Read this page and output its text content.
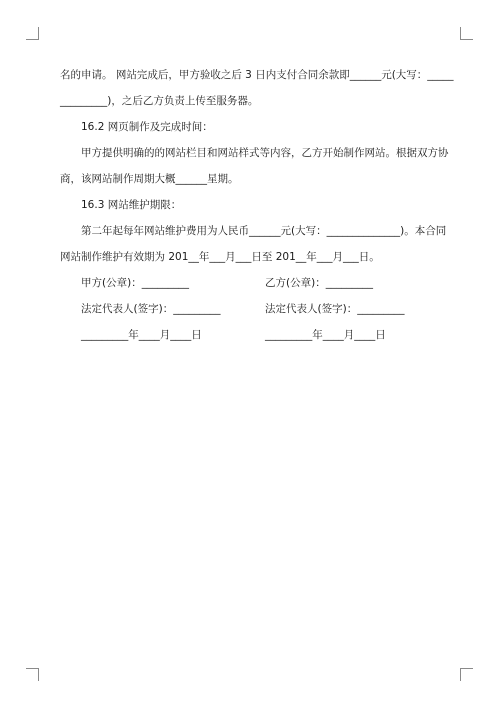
名的申请。 网站完成后，甲方验收之后 3 日内支付合同余款即______元(大写：_____
_________)，之后乙方负责上传至服务器。
16.2 网页制作及完成时间：
甲方提供明确的的网站栏目和网站样式等内容，乙方开始制作网站。根据双方协
商，该网站制作周期大概______星期。
16.3 网站维护期限：
第二年起每年网站维护费用为人民币______元(大写：______________)。本合同
网站制作维护有效期为 201__年___月___日至 201__年___月___日。
甲方(公章)：_________	乙方(公章)：_________
法定代表人(签字)：_________	法定代表人(签字)：_________
_________年____月____日	_________年____月____日
